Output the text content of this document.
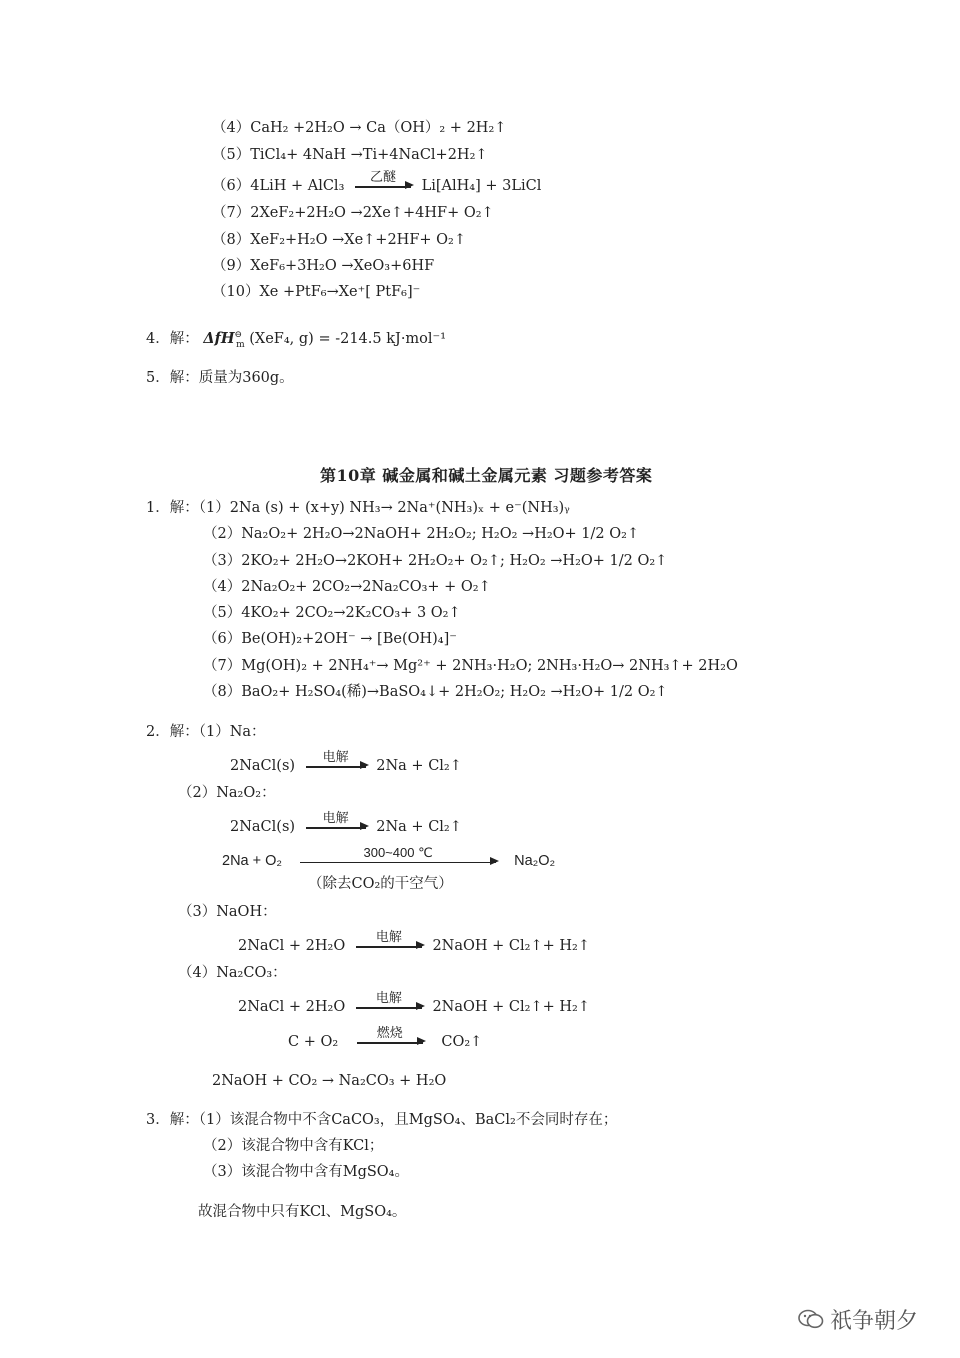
（4）CaH₂ +2H₂O → Ca（OH）₂ + 2H₂↑
（5）TiCl₄+ 4NaH →Ti+4NaCl+2H₂↑
（6）4LiH + AlCl₃
乙醚
Li[AlH₄] + 3LiCl
（7）2XeF₂+2H₂O →2Xe↑+4HF+ O₂↑
（8）XeF₂+H₂O →Xe↑+2HF+ O₂↑
（9）XeF₆+3H₂O →XeO₃+6HF
（10）Xe +PtF₆→Xe⁺[ PtF₆]⁻
4．解： ΔfH⊖$_m$ (XeF₄, g) = -214.5 kJ·mol⁻¹
5．解：质量为360g。
第10章 碱金属和碱土金属元素 习题参考答案
1．解：（1）2Na (s) + (x+y) NH₃→ 2Na⁺(NH₃)ₓ + e⁻(NH₃)ᵧ
（2）Na₂O₂+ 2H₂O→2NaOH+ 2H₂O₂; H₂O₂ →H₂O+ 1/2 O₂↑
（3）2KO₂+ 2H₂O→2KOH+ 2H₂O₂+ O₂↑; H₂O₂ →H₂O+ 1/2 O₂↑
（4）2Na₂O₂+ 2CO₂→2Na₂CO₃+ + O₂↑
（5）4KO₂+ 2CO₂→2K₂CO₃+ 3 O₂↑
（6）Be(OH)₂+2OH⁻ → [Be(OH)₄]⁻
（7）Mg(OH)₂ + 2NH₄⁺→ Mg²⁺ + 2NH₃·H₂O; 2NH₃·H₂O→ 2NH₃↑+ 2H₂O
（8）BaO₂+ H₂SO₄(稀)→BaSO₄↓+ 2H₂O₂; H₂O₂ →H₂O+ 1/2 O₂↑
2．解：（1）Na：
2NaCl(s)
电解
2Na + Cl₂↑
（2）Na₂O₂：
2NaCl(s)
电解
2Na + Cl₂↑
2Na + O₂
300~400 ℃
Na₂O₂
（除去CO₂的干空气）
（3）NaOH：
2NaCl + 2H₂O
电解
2NaOH + Cl₂↑+ H₂↑
（4）Na₂CO₃：
2NaCl + 2H₂O
电解
2NaOH + Cl₂↑+ H₂↑
C + O₂
燃烧
CO₂↑
2NaOH + CO₂ → Na₂CO₃ + H₂O
3．解：（1）该混合物中不含CaCO₃，且MgSO₄、BaCl₂不会同时存在；
（2）该混合物中含有KCl；
（3）该混合物中含有MgSO₄。
故混合物中只有KCl、MgSO₄。
祇争朝夕
